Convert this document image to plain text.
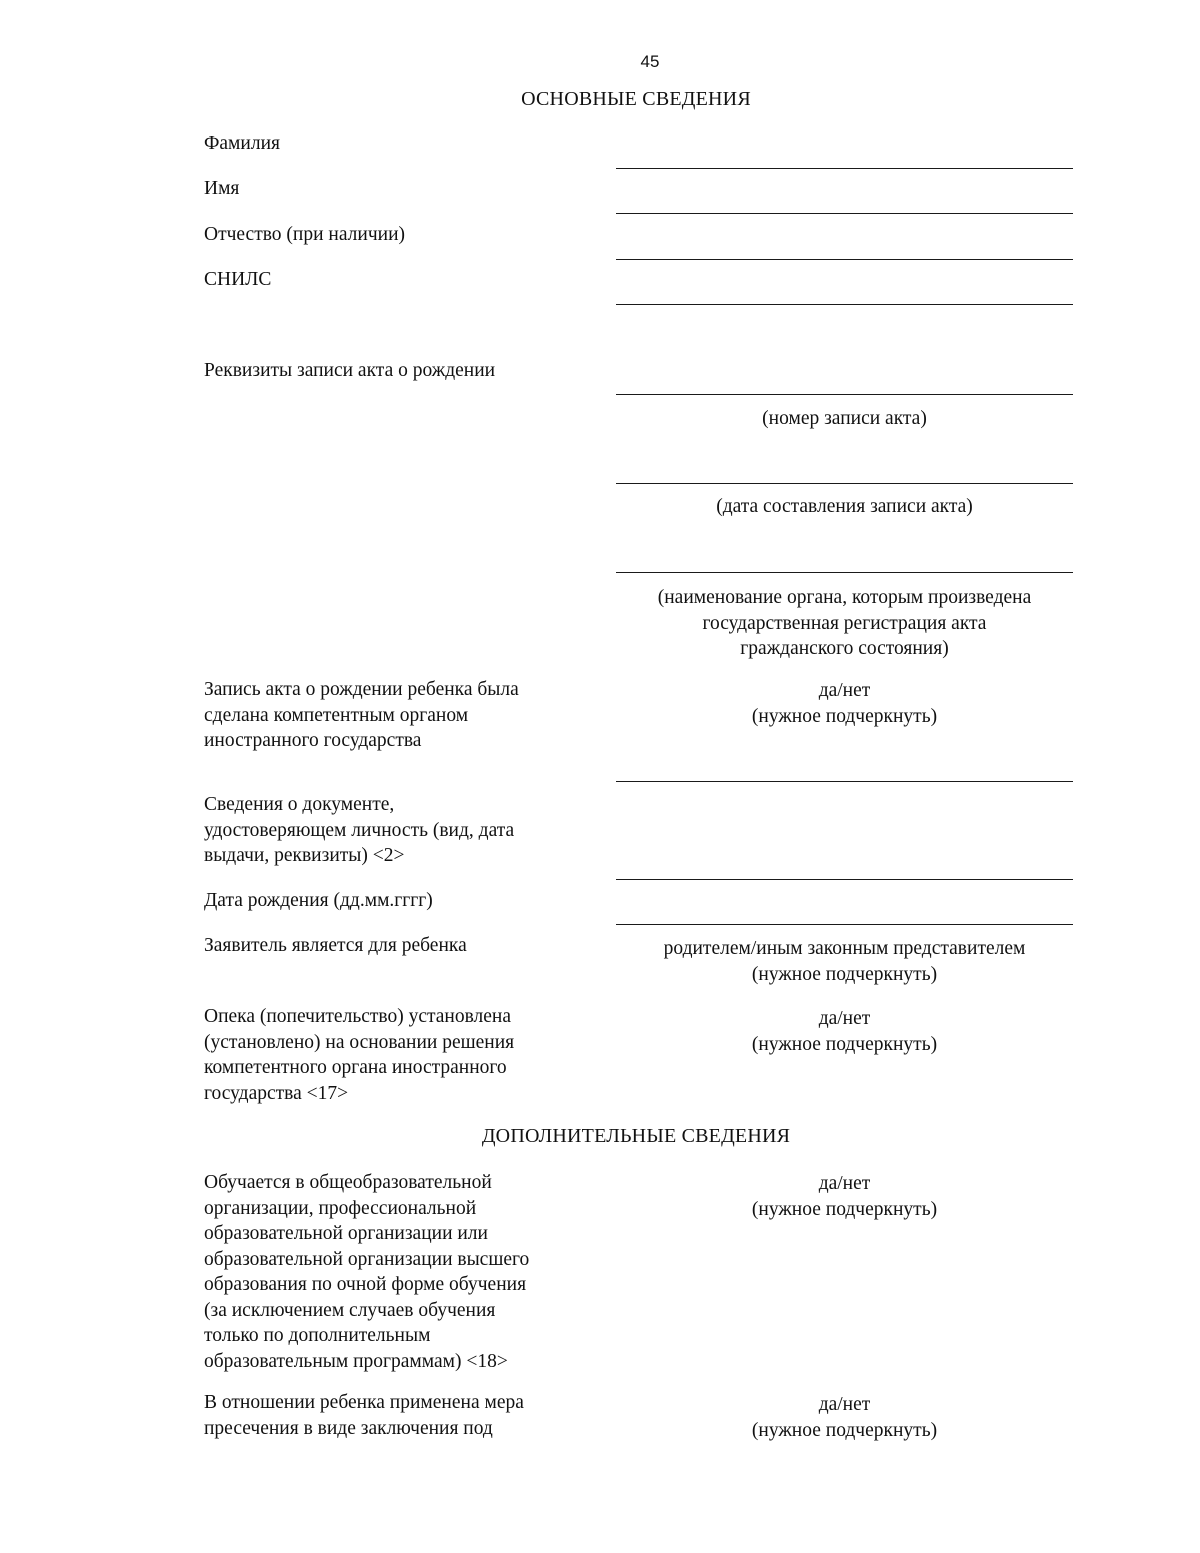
45
ОСНОВНЫЕ СВЕДЕНИЯ
Фамилия
Имя
Отчество (при наличии)
СНИЛС
Реквизиты записи акта о рождении
(номер записи акта)
(дата составления записи акта)
(наименование органа, которым произведена
государственная регистрация акта
гражданского состояния)
Запись акта о рождении ребенка была
сделана компетентным органом
иностранного государства
да/нет
(нужное подчеркнуть)
Сведения о документе,
удостоверяющем личность (вид, дата
выдачи, реквизиты) <2>
Дата рождения (дд.мм.гггг)
Заявитель является для ребенка	родителем/иным законным представителем
(нужное подчеркнуть)
Опека (попечительство) установлена
(установлено) на основании решения
компетентного органа иностранного
государства <17>
да/нет
(нужное подчеркнуть)
ДОПОЛНИТЕЛЬНЫЕ СВЕДЕНИЯ
Обучается в общеобразовательной
организации, профессиональной
образовательной организации или
образовательной организации высшего
образования по очной форме обучения
(за исключением случаев обучения
только по дополнительным
образовательным программам) <18>
да/нет
(нужное подчеркнуть)
В отношении ребенка применена мера
пресечения в виде заключения под
да/нет
(нужное подчеркнуть)
